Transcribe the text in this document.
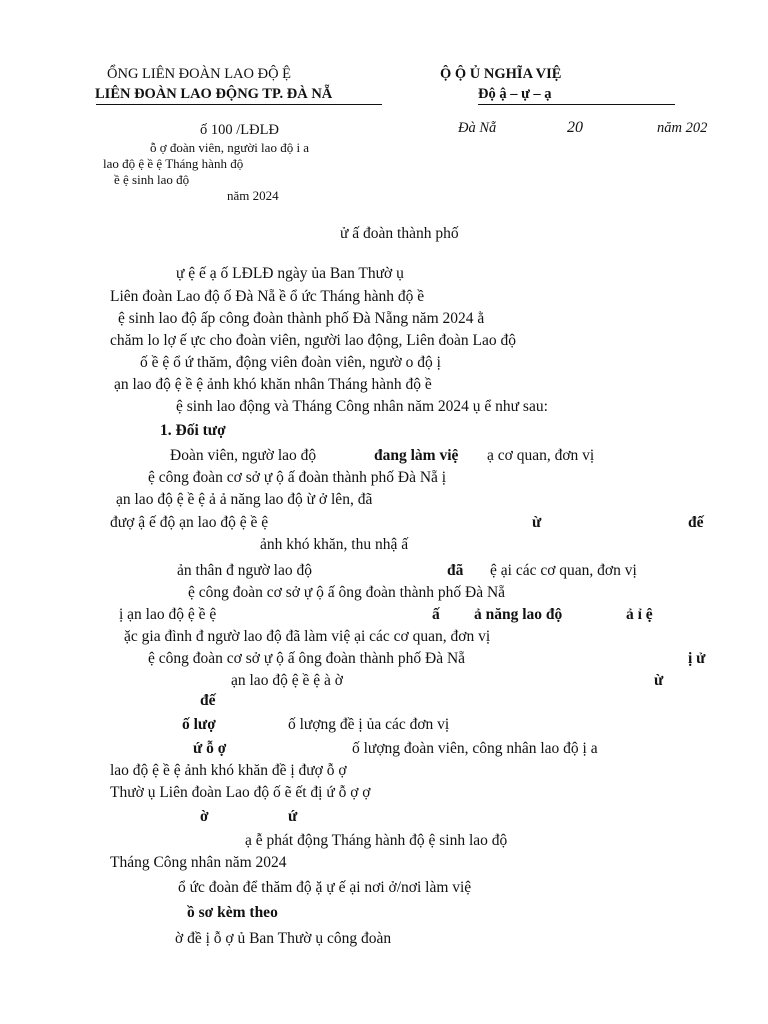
ỔNG LIÊN ĐOÀN LAO ĐỘ Ệ
LIÊN ĐOÀN LAO ĐỘNG TP. ĐÀ NẴ
Ộ Ộ Ủ NGHĨA VIỆ
Độ ậ – ự – ạ
ố 100 /LĐLĐ	Đà Nẵ	20	năm 202
ỗ ợ đoàn viên, người lao độ i a
lao độ ệ ề ệ Tháng hành độ
ề ệ sinh lao độ
năm 2024
ử ấ đoàn thành phố
ự ệ ế ạ ố LĐLĐ ngày ủa Ban Thườ ụ
Liên đoàn Lao độ ố Đà Nẵ ề ổ ức Tháng hành độ ề
ệ sinh lao độ ấp công đoàn thành phố Đà Nẵng năm 2024 ằ
chăm lo lợ ế ực cho đoàn viên, người lao động, Liên đoàn Lao độ
ố ề ệ ổ ứ thăm, động viên đoàn viên, ngườ o độ ị
ạn lao độ ệ ề ệ ảnh khó khăn nhân Tháng hành độ ề
ệ sinh lao động và Tháng Công nhân năm 2024 ụ ể như sau:
1. Đối tượ
Đoàn viên, ngườ lao độ	đang làm việ ạ cơ quan, đơn vị
ệ công đoàn cơ sở ự ộ ấ đoàn thành phố Đà Nẵ ị
ạn lao độ ệ ề ệ ả ả năng lao độ ừ ở lên, đã
đượ ậ ế độ ạn lao độ ệ ề ệ	ừ	đế
ảnh khó khăn, thu nhậ ấ
ản thân đ ngườ lao độ	đã ệ ại các cơ quan, đơn vị
ệ công đoàn cơ sở ự ộ ấ ông đoàn thành phố Đà Nẵ
ị ạn lao độ ệ ề ệ	ấ ả năng lao độ	ả ỉ ệ
ặc gia đình đ ngườ lao độ đã làm việ ại các cơ quan, đơn vị
ệ công đoàn cơ sở ự ộ ấ ông đoàn thành phố Đà Nẵ	ị ử
ạn lao độ ệ ề ệ à ờ	ừ
đế
ố lượ	ố lượng đề ị ủa các đơn vị
ứ ỗ ợ	ố lượng đoàn viên, công nhân lao độ ị a
lao độ ệ ề ệ ảnh khó khăn đề ị đượ ỗ ợ
Thườ ụ Liên đoàn Lao độ ố ẽ ết đị ứ ỗ ợ ợ
ờ	ứ
ạ ễ phát động Tháng hành độ ệ sinh lao độ
Tháng Công nhân năm 2024
ổ ức đoàn để thăm độ ặ ự ế ại nơi ở/nơi làm việ
ồ sơ kèm theo
ờ đề ị ỗ ợ ủ Ban Thườ ụ công đoàn
